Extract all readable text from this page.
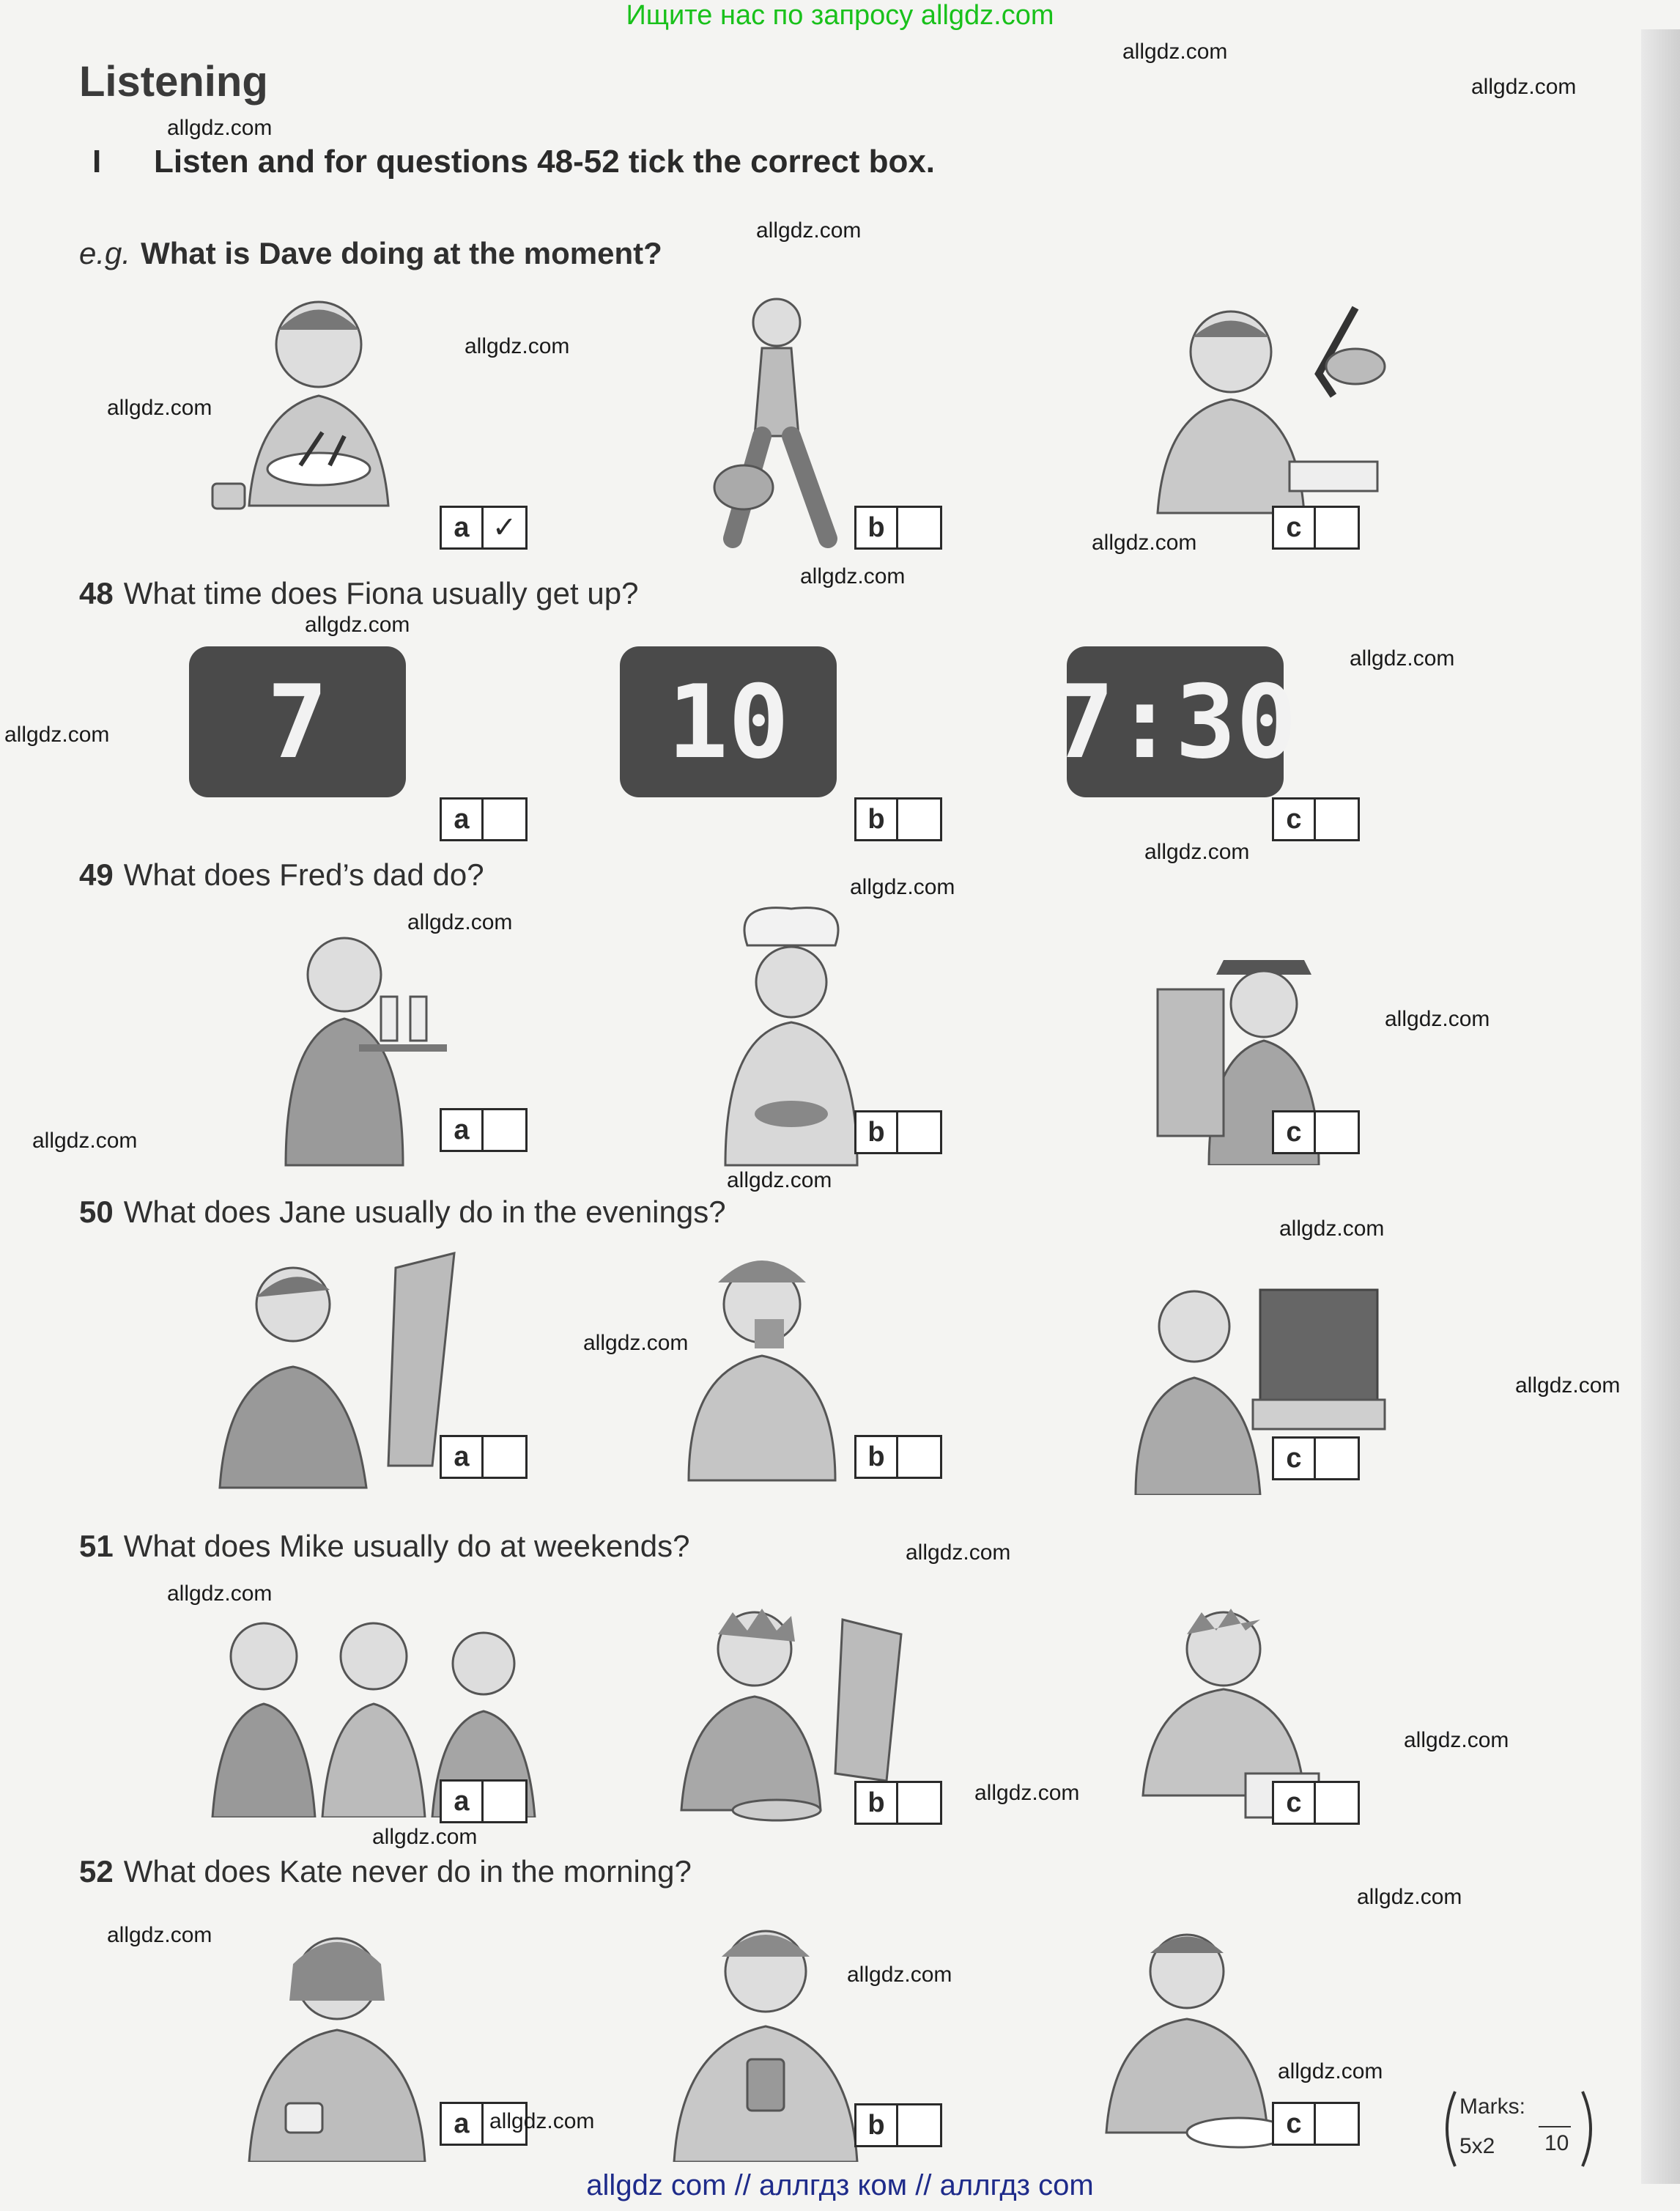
Ищите нас по запросу allgdz.com
Listening
I Listen and for questions 48-52 tick the correct box.
e.g. What is Dave doing at the moment?
a ✓	b	c
48 What time does Fiona usually get up?
7	10	7:30
a	b	c
49 What does Fred’s dad do?
a	b	c
50 What does Jane usually do in the evenings?
a	b	c
51 What does Mike usually do at weekends?
a	b	c
52 What does Kate never do in the morning?
a	b	c
Marks:
5x2 10
allgdz.com
allgdz.com
allgdz.com
allgdz.com
allgdz.com
allgdz.com
allgdz.com
allgdz.com
allgdz.com
allgdz.com
allgdz.com
allgdz.com
allgdz.com
allgdz.com
allgdz.com
allgdz.com
allgdz.com
allgdz.com
allgdz.com
allgdz.com
allgdz.com
allgdz.com
allgdz.com
allgdz.com
allgdz.com
allgdz.com
allgdz.com
allgdz.com
allgdz.com
allgdz.com
allgdz com // аллгдз ком // аллгдз com
